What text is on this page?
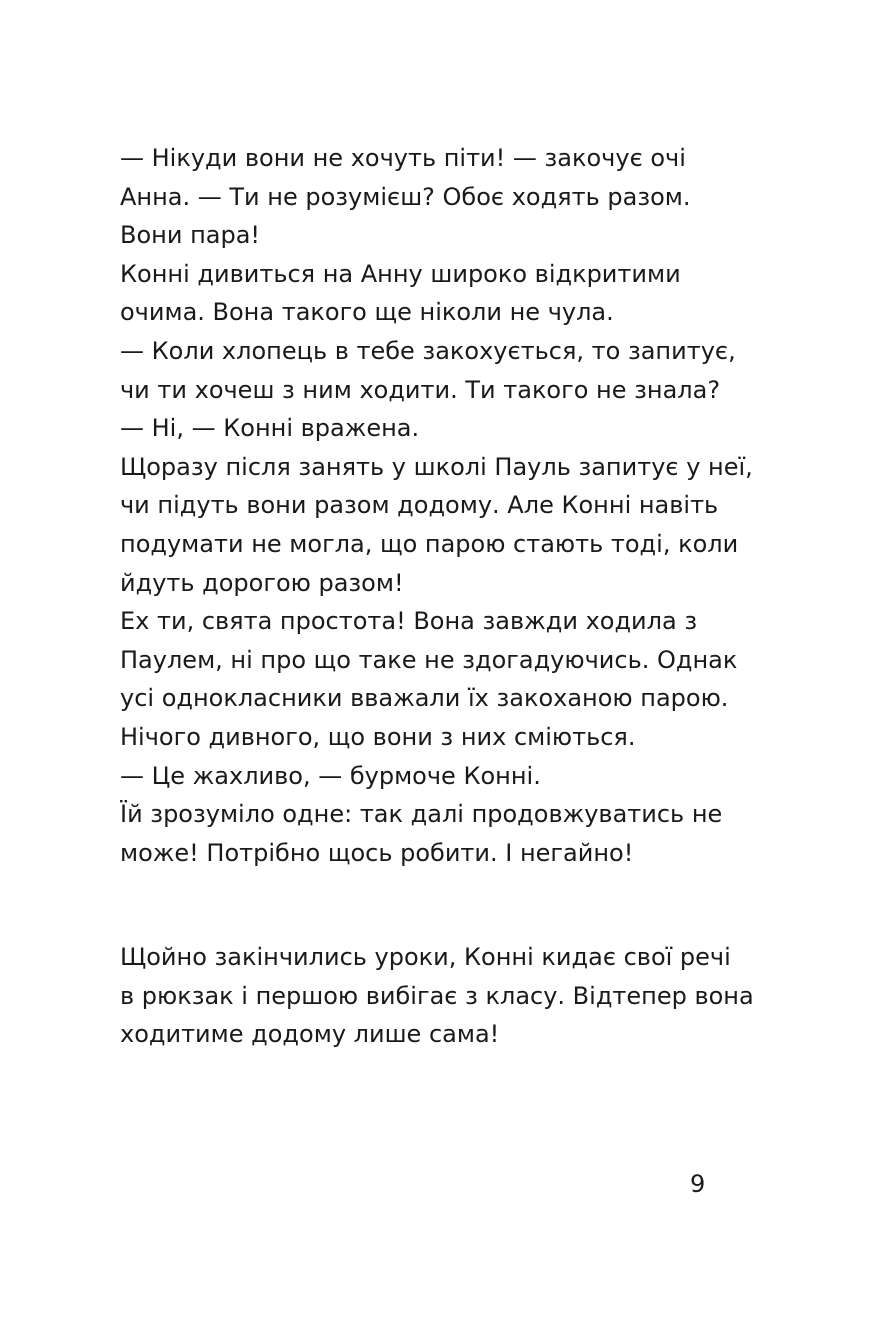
— Нікуди вони не хочуть піти! — закочує очі
Анна. — Ти не розумієш? Обоє ходять разом.
Вони пара!
Конні дивиться на Анну широко відкритими
очима. Вона такого ще ніколи не чула.
— Коли хлопець в тебе закохується, то запитує,
чи ти хочеш з ним ходити. Ти такого не знала?
— Ні, — Конні вражена.
Щоразу після занять у школі Пауль запитує у неї,
чи підуть вони разом додому. Але Конні навіть
подумати не могла, що парою стають тоді, коли
йдуть дорогою разом!
Ех ти, свята простота! Вона завжди ходила з
Паулем, ні про що таке не здогадуючись. Однак
усі однокласники вважали їх закоханою парою.
Нічого дивного, що вони з них сміються.
— Це жахливо, — бурмоче Конні.
Їй зрозуміло одне: так далі продовжуватись не
може! Потрібно щось робити. І негайно!
Щойно закінчились уроки, Конні кидає свої речі
в рюкзак і першою вибігає з класу. Відтепер вона
ходитиме додому лише сама!
9
